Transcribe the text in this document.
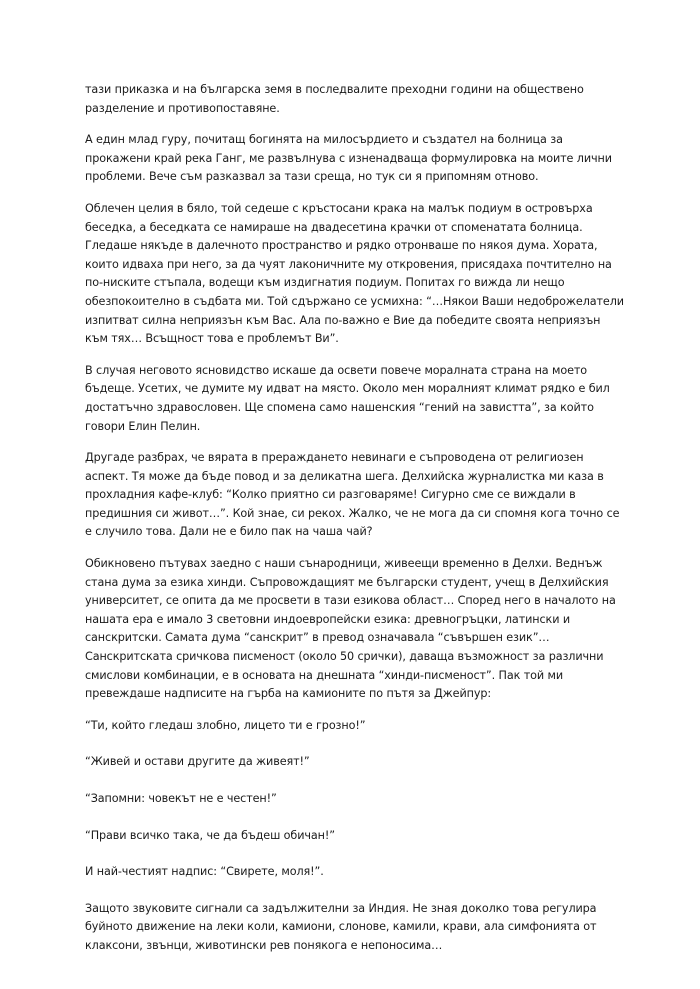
тази приказка и на българска земя в последвалите преходни години на обществено разделение и противопоставяне.

А един млад гуру, почитащ богинята на милосърдието и създател на болница за прокажени край река Ганг, ме развълнува с изненадваща формулировка на моите лични проблеми. Вече съм разказвал за тази среща, но тук си я припомням отново.

Облечен целия в бяло, той седеше с кръстосани крака на малък подиум в островърха беседка, а беседката се намираше на двадесетина крачки от споменатата болница. Гледаше някъде в далечното пространство и рядко отронваше по някоя дума. Хората, които идваха при него, за да чуят лаконичните му откровения, присядаха почтително на по-ниските стъпала, водещи към издигнатия подиум. Попитах го виждa ли нещо обезпокоително в съдбата ми. Той сдържано се усмихна: “…Някои Ваши недоброжелатели изпитват силна неприязън към Вас. Ала по-важно е Вие да победите своята неприязън към тях… Всъщност това е проблемът Ви”.

В случая неговото ясновидство искаше да освети повече моралната страна на моето бъдеще. Усетих, че думите му идват на място. Около мен моралният климат рядко е бил достатъчно здравословен. Ще спомена само нашенския “гений на завистта”, за който говори Елин Пелин.

Другаде разбрах, че вярата в прераждането невинаги е съпроводена от религиозен аспект. Тя може да бъде повод и за деликатна шега. Делхийска журналистка ми каза в прохладния кафе-клуб: “Колко приятно си разговаряме! Сигурно сме се виждали в предишния си живот…”. Кой знае, си рекох. Жалко, че не мога да си спомня кога точно се е случило това. Дали не е било пак на чаша чай?

Обикновено пътувах заедно с наши сънародници, живеещи временно в Делхи. Веднъж стана дума за езика хинди. Съпровождащият ме български студент, учещ в Делхийския университет, се опита да ме просвети в тази езикова област… Според него в началото на нашата ера е имало 3 световни индоевропейски езика: древногръцки, латински и санскритски. Самата дума “санскрит” в превод означавала “съвършен език”… Санскритската сричкова писменост (около 50 срички), даваща възможност за различни смислови комбинации, е в основата на днешната “хинди-писменост”. Пак той ми превеждаше надписите на гърба на камионите по пътя за Джейпур:

“Ти, който гледаш злобно, лицето ти е грозно!”

“Живей и остави другите да живеят!”

“Запомни: човекът не е честен!”

“Прави всичко така, че да бъдеш обичан!”

И най-честият надпис: “Свирете, моля!”.

Защото звуковите сигнали са задължителни за Индия. Не зная доколко това регулира буйното движение на леки коли, камиони, слонове, камили, крави, ала симфонията от клаксони, звънци, животински рев понякога е непоносима…
